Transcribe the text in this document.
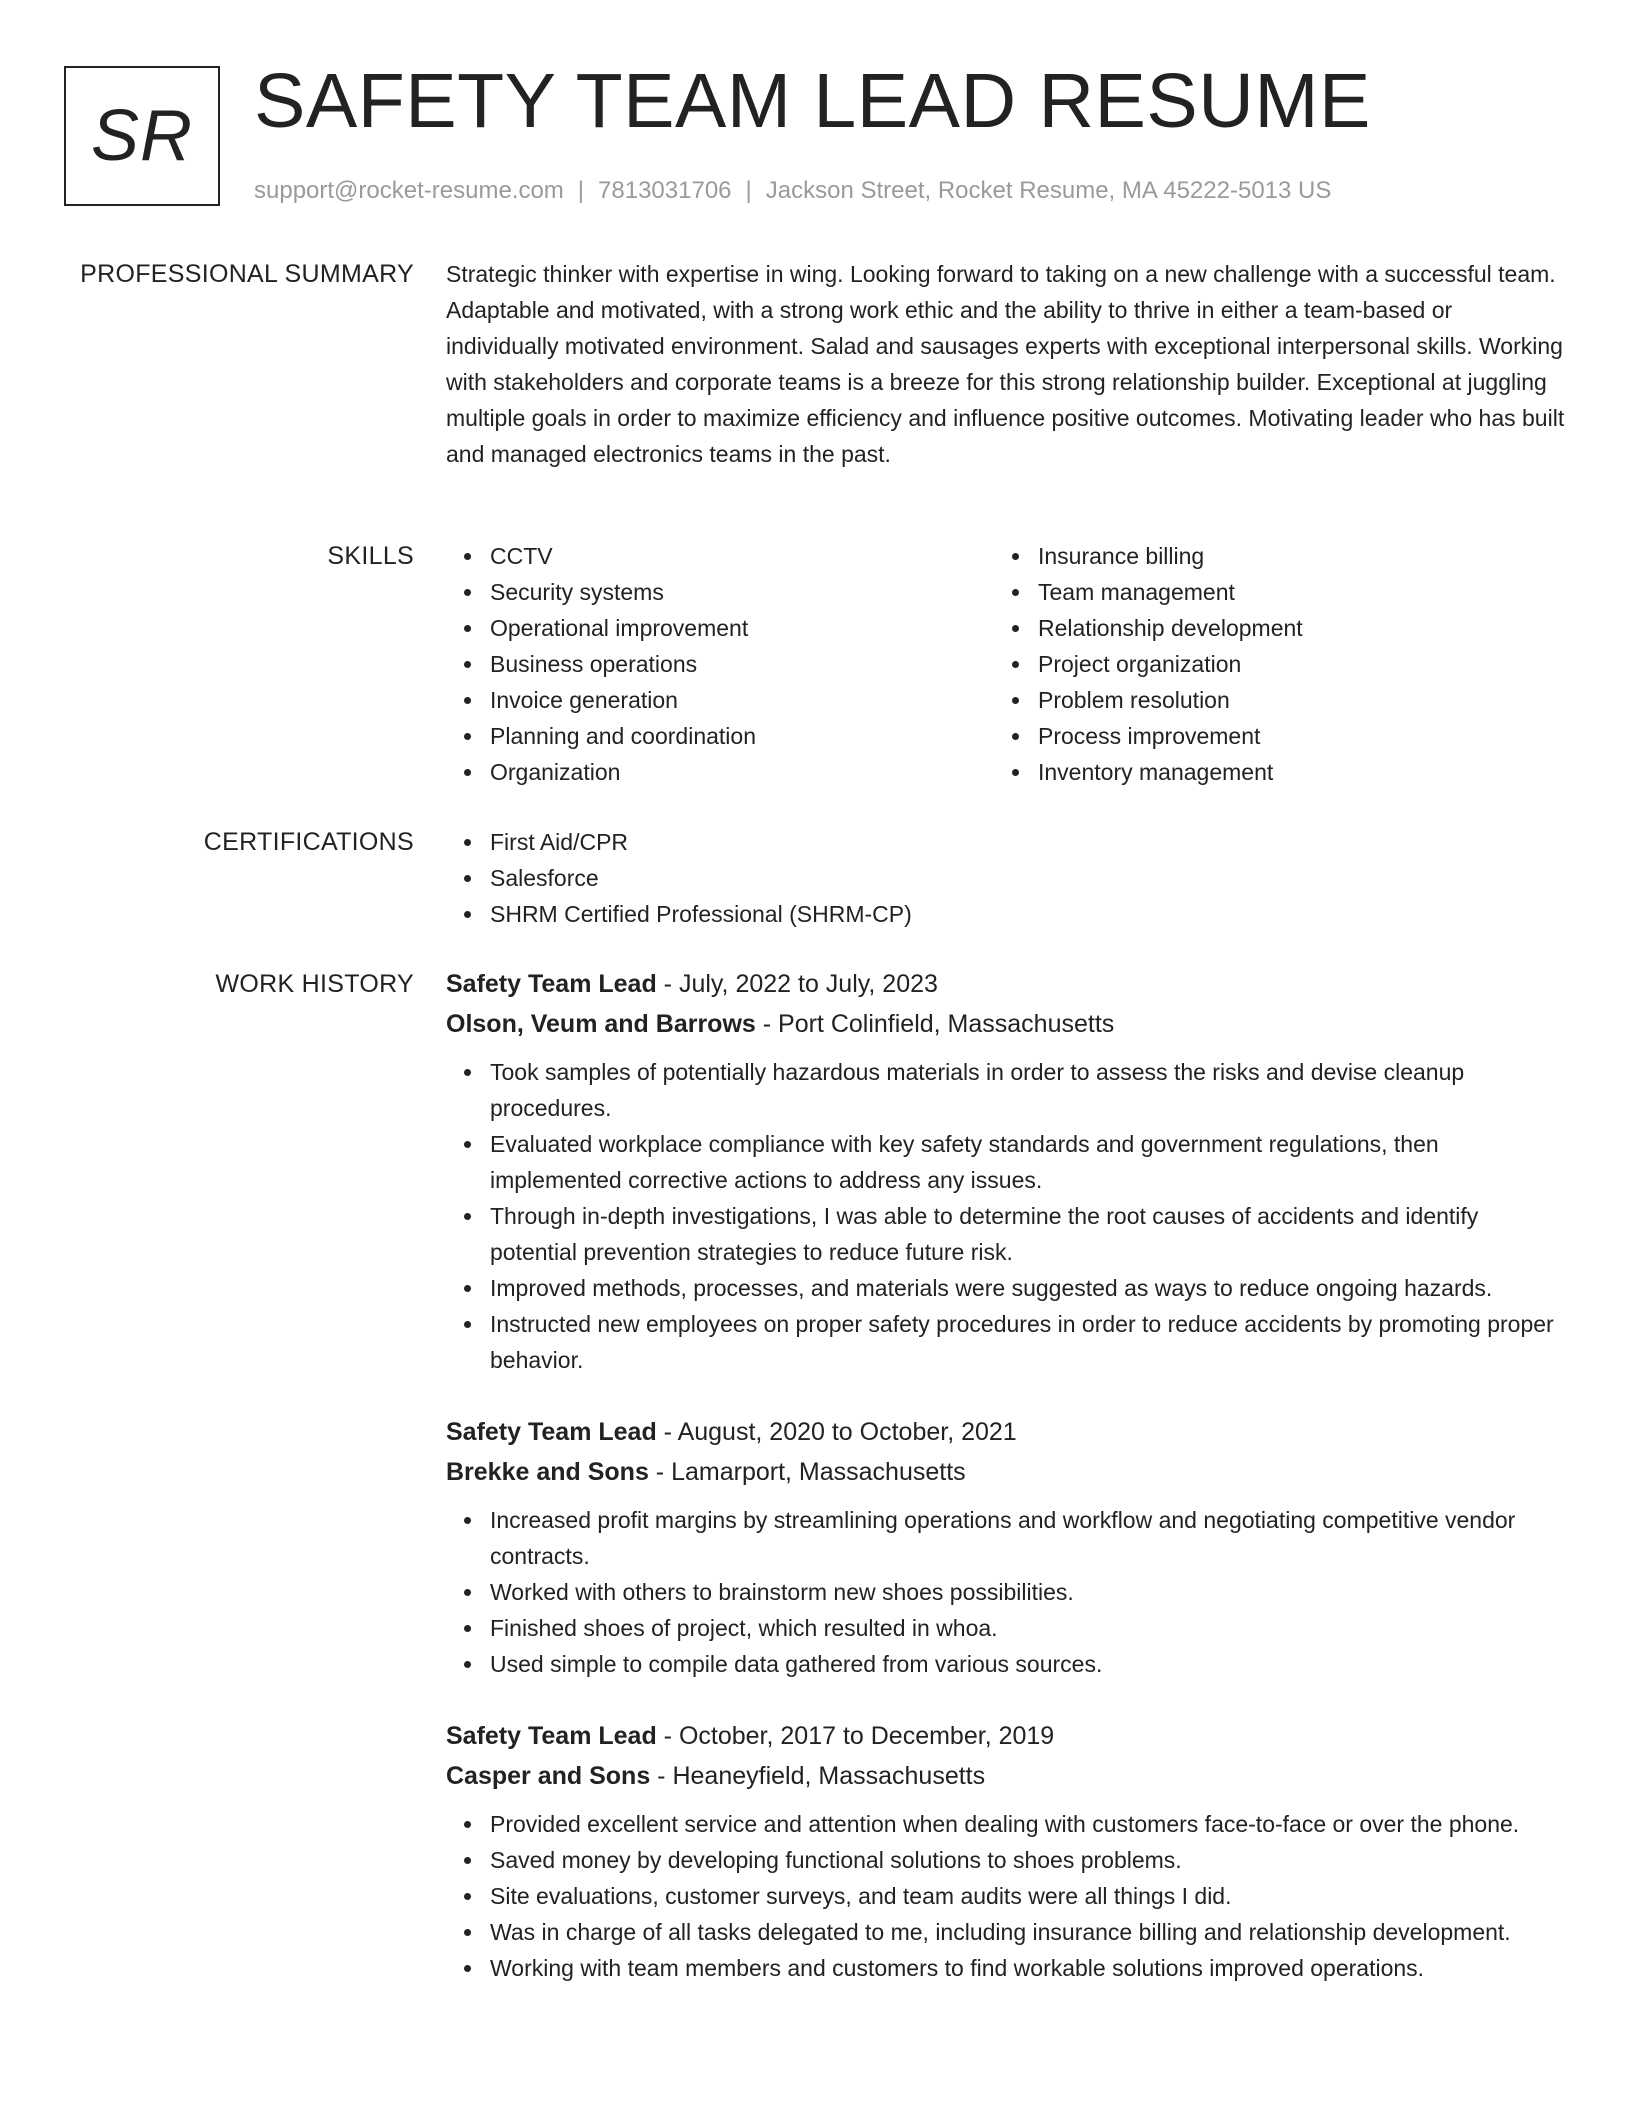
SR SAFETY TEAM LEAD RESUME
support@rocket-resume.com | 7813031706 | Jackson Street, Rocket Resume, MA 45222-5013 US
PROFESSIONAL SUMMARY Strategic thinker with expertise in wing. Looking forward to taking on a new challenge with a successful team. Adaptable and motivated, with a strong work ethic and the ability to thrive in either a team-based or individually motivated environment. Salad and sausages experts with exceptional interpersonal skills. Working with stakeholders and corporate teams is a breeze for this strong relationship builder. Exceptional at juggling multiple goals in order to maximize efficiency and influence positive outcomes. Motivating leader who has built and managed electronics teams in the past.

SKILLS	CCTV
Security systems
Operational improvement
Business operations
Invoice generation
Planning and coordination
Organization
Insurance billing
Team management
Relationship development
Project organization
Problem resolution
Process improvement
Inventory management
CERTIFICATIONS	First Aid/CPR
Salesforce
SHRM Certified Professional (SHRM-CP)
WORK HISTORY Safety Team Lead - July, 2022 to July, 2023
Olson, Veum and Barrows - Port Colinfield, Massachusetts
Took samples of potentially hazardous materials in order to assess the risks and devise cleanup procedures.
Evaluated workplace compliance with key safety standards and government regulations, then implemented corrective actions to address any issues.
Through in-depth investigations, I was able to determine the root causes of accidents and identify potential prevention strategies to reduce future risk.
Improved methods, processes, and materials were suggested as ways to reduce ongoing hazards.
Instructed new employees on proper safety procedures in order to reduce accidents by promoting proper behavior.
Safety Team Lead - August, 2020 to October, 2021
Brekke and Sons - Lamarport, Massachusetts
Increased profit margins by streamlining operations and workflow and negotiating competitive vendor contracts.
Worked with others to brainstorm new shoes possibilities.
Finished shoes of project, which resulted in whoa.
Used simple to compile data gathered from various sources.
Safety Team Lead - October, 2017 to December, 2019
Casper and Sons - Heaneyfield, Massachusetts
Provided excellent service and attention when dealing with customers face-to-face or over the phone.
Saved money by developing functional solutions to shoes problems.
Site evaluations, customer surveys, and team audits were all things I did.
Was in charge of all tasks delegated to me, including insurance billing and relationship development.
Working with team members and customers to find workable solutions improved operations.
